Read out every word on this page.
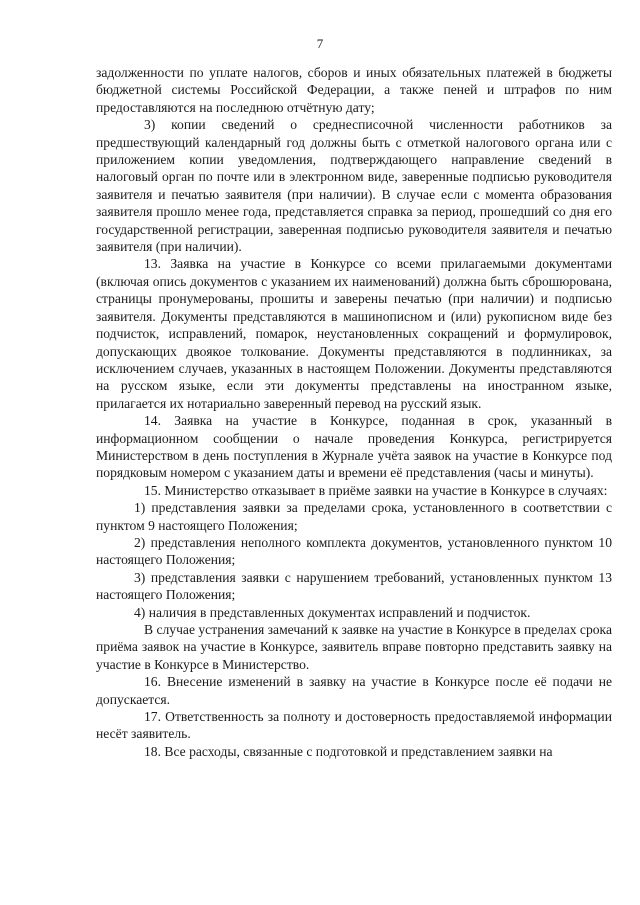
7

задолженности по уплате налогов, сборов и иных обязательных платежей в бюджеты бюджетной системы Российской Федерации, а также пеней и штрафов по ним предоставляются на последнюю отчётную дату;

3) копии сведений о среднесписочной численности работников за предшествующий календарный год должны быть с отметкой налогового органа или с приложением копии уведомления, подтверждающего направление сведений в налоговый орган по почте или в электронном виде, заверенные подписью руководителя заявителя и печатью заявителя (при наличии). В случае если с момента образования заявителя прошло менее года, представляется справка за период, прошедший со дня его государственной регистрации, заверенная подписью руководителя заявителя и печатью заявителя (при наличии).

13. Заявка на участие в Конкурсе со всеми прилагаемыми документами (включая опись документов с указанием их наименований) должна быть сброшюрована, страницы пронумерованы, прошиты и заверены печатью (при наличии) и подписью заявителя. Документы представляются в машинописном и (или) рукописном виде без подчисток, исправлений, помарок, неустановленных сокращений и формулировок, допускающих двоякое толкование. Документы представляются в подлинниках, за исключением случаев, указанных в настоящем Положении. Документы представляются на русском языке, если эти документы представлены на иностранном языке, прилагается их нотариально заверенный перевод на русский язык.

14. Заявка на участие в Конкурсе, поданная в срок, указанный в информационном сообщении о начале проведения Конкурса, регистрируется Министерством в день поступления в Журнале учёта заявок на участие в Конкурсе под порядковым номером с указанием даты и времени её представления (часы и минуты).

15. Министерство отказывает в приёме заявки на участие в Конкурсе в случаях:

1) представления заявки за пределами срока, установленного в соответствии с пунктом 9 настоящего Положения;

2) представления неполного комплекта документов, установленного пунктом 10 настоящего Положения;

3) представления заявки с нарушением требований, установленных пунктом 13 настоящего Положения;

4) наличия в представленных документах исправлений и подчисток.

В случае устранения замечаний к заявке на участие в Конкурсе в пределах срока приёма заявок на участие в Конкурсе, заявитель вправе повторно представить заявку на участие в Конкурсе в Министерство.

16. Внесение изменений в заявку на участие в Конкурсе после её подачи не допускается.

17. Ответственность за полноту и достоверность предоставляемой информации несёт заявитель.

18. Все расходы, связанные с подготовкой и представлением заявки на
